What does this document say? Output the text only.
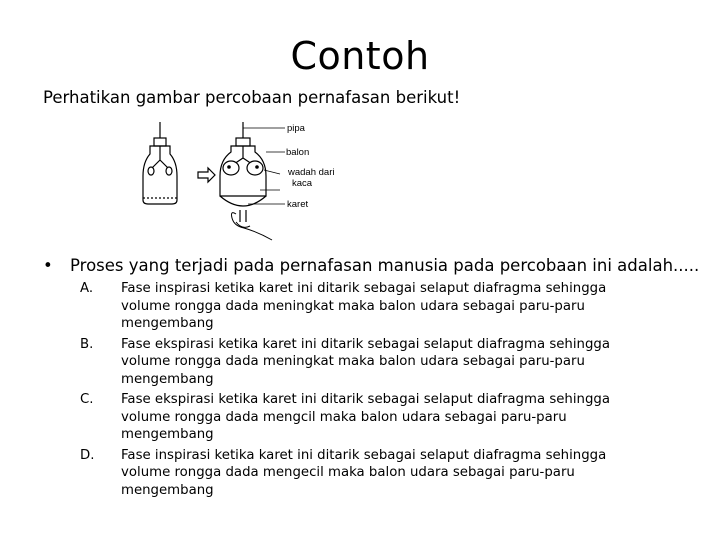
Contoh
Perhatikan gambar percobaan pernafasan berikut!
pipa
balon
wadah dari
kaca
karet
•	Proses yang terjadi pada pernafasan manusia pada percobaan ini adalah.....
A.	Fase inspirasi ketika karet ini ditarik sebagai selaput diafragma sehingga volume rongga dada meningkat maka balon udara sebagai paru-paru mengembang
B.	Fase ekspirasi ketika karet ini ditarik sebagai selaput diafragma sehingga volume rongga dada meningkat maka balon udara sebagai paru-paru mengembang
C.	Fase ekspirasi ketika karet ini ditarik sebagai selaput diafragma sehingga volume rongga dada mengcil maka balon udara sebagai paru-paru mengembang
D.	Fase inspirasi ketika karet ini ditarik sebagai selaput diafragma sehingga volume rongga dada mengecil maka balon udara sebagai paru-paru mengembang
